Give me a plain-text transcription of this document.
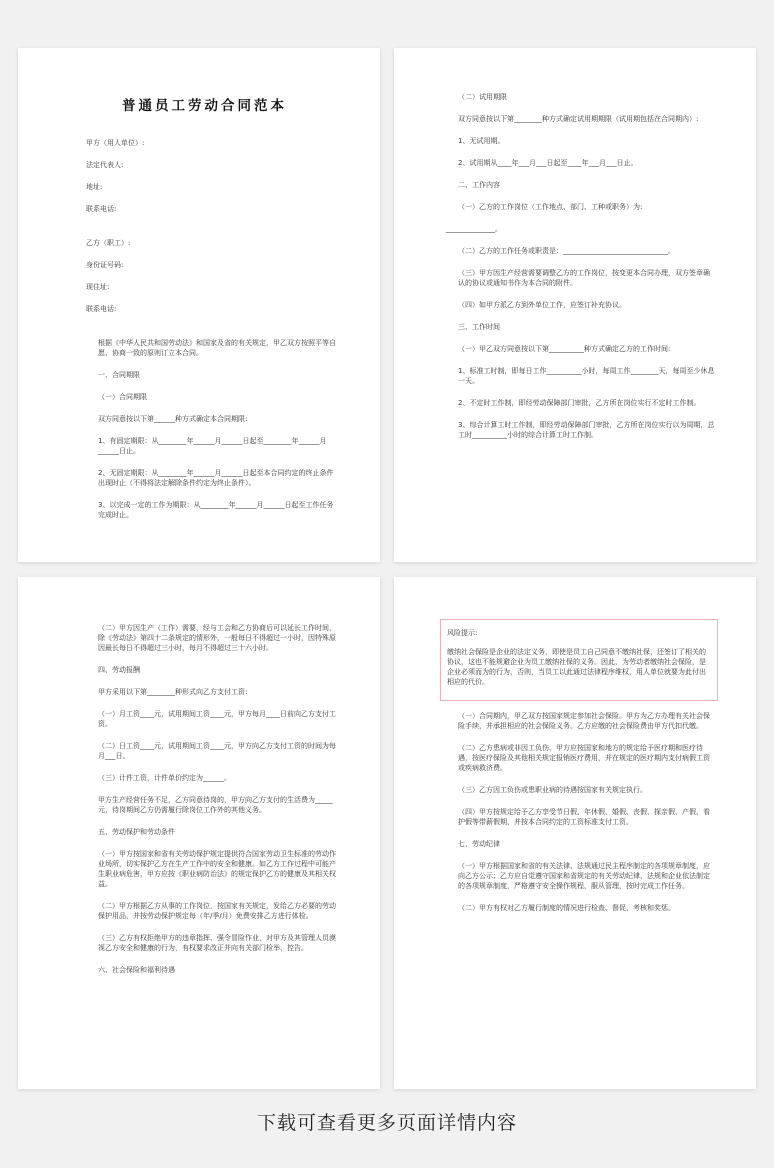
普通员工劳动合同范本
甲方（用人单位）:
法定代表人:
地址:
联系电话:
乙方（职工）:
身份证号码:
现住址:
联系电话:
根据《中华人民共和国劳动法》和国家及省的有关规定，甲乙双方按照平等自愿、协商一致的原则订立本合同。
一、合同期限
（一）合同期限
双方同意按以下第______种方式确定本合同期限:
1、有固定期限：从________年______月______日起至________年______月______日止。
2、无固定期限：从________年______月______日起至本合同约定的终止条件出现时止（不得将法定解除条件约定为终止条件）。
3、以完成一定的工作为期限：从________年______月______日起至工作任务完成时止。
（二）试用期限
双方同意按以下第________种方式确定试用期期限（试用期包括在合同期内）:
1、无试用期。
2、试用期从____年___月___日起至____年___月___日止。
二、工作内容
（一）乙方的工作岗位（工作地点、部门、工种或职务）为:
______________。
（二）乙方的工作任务或职责是：______________________________。
（三）甲方因生产经营需要调整乙方的工作岗位，按变更本合同办理，双方签章确认的协议或通知书作为本合同的附件。
（四）如甲方派乙方到外单位工作，应签订补充协议。
三、工作时间
（一）甲乙双方同意按以下第__________种方式确定乙方的工作时间:
1、标准工时制，即每日工作__________小时，每周工作________天，每周至少休息一天。
2、不定时工作制，即经劳动保障部门审批，乙方所在岗位实行不定时工作制。
3、综合计算工时工作制，即经劳动保障部门审批，乙方所在岗位实行以为周期，总工时__________小时的综合计算工时工作制。
（二）甲方因生产（工作）需要，经与工会和乙方协商后可以延长工作时间，除《劳动法》第四十二条规定的情形外，一般每日不得超过一小时，因特殊原因最长每日不得超过三小时，每月不得超过三十六小时。
四、劳动报酬
甲方采用以下第________种形式向乙方支付工资:
（一）月工资____元，试用期间工资____元，甲方每月____日前向乙方支付工资。
（二）日工资____元，试用期间工资____元，甲方向乙方支付工资的时间为每月___日。
（三）计件工资，计件单价约定为______。
甲方生产经营任务不足，乙方同意待岗的，甲方向乙方支付的生活费为_____元，待岗期间乙方仍需履行除岗位工作外的其他义务。
五、劳动保护和劳动条件
（一）甲方按国家和省有关劳动保护规定提供符合国家劳动卫生标准的劳动作业场所，切实保护乙方在生产工作中的安全和健康。如乙方工作过程中可能产生职业病危害，甲方应按《职业病防治法》的规定保护乙方的健康及其相关权益。
（二）甲方根据乙方从事的工作岗位，按国家有关规定，发给乙方必要的劳动保护用品，并按劳动保护规定每（年/季/月）免费安排乙方进行体检。
（三）乙方有权拒绝甲方的违章指挥、强令冒险作业，对甲方及其管理人员漠视乙方安全和健康的行为，有权要求改正并向有关部门检举、控告。
六、社会保险和福利待遇
风险提示:
缴纳社会保险是企业的法定义务，即使是员工自己同意不缴纳社保，还签订了相关的协议，这也不能规避企业为员工缴纳社保的义务。因此，为劳动者缴纳社会保险，是企业必须而为的行为，否则，当员工以此通过法律程序维权，用人单位就要为此付出相应的代价。
（一）合同期内，甲乙双方按国家规定参加社会保险。甲方为乙方办理有关社会保险手续，并承担相应的社会保险义务。乙方应缴的社会保险费由甲方代扣代缴。
（二）乙方患病或非因工负伤，甲方应按国家和地方的规定给予医疗期和医疗待遇，按医疗保险及其他相关规定报销医疗费用，并在规定的医疗期内支付病假工资或疾病救济费。
（三）乙方因工负伤或患职业病的待遇按国家有关规定执行。
（四）甲方按规定给予乙方享受节日假、年休假、婚假、丧假、探亲假、产假、看护假等带薪假期，并按本合同约定的工资标准支付工资。
七、劳动纪律
（一）甲方根据国家和省的有关法律、法规通过民主程序制定的各项规章制度，应向乙方公示；乙方应自觉遵守国家和省规定的有关劳动纪律、法规和企业依法制定的各项规章制度，严格遵守安全操作规程，服从管理，按时完成工作任务。
（二）甲方有权对乙方履行制度的情况进行检查、督促、考核和奖惩。
下载可查看更多页面详情内容
